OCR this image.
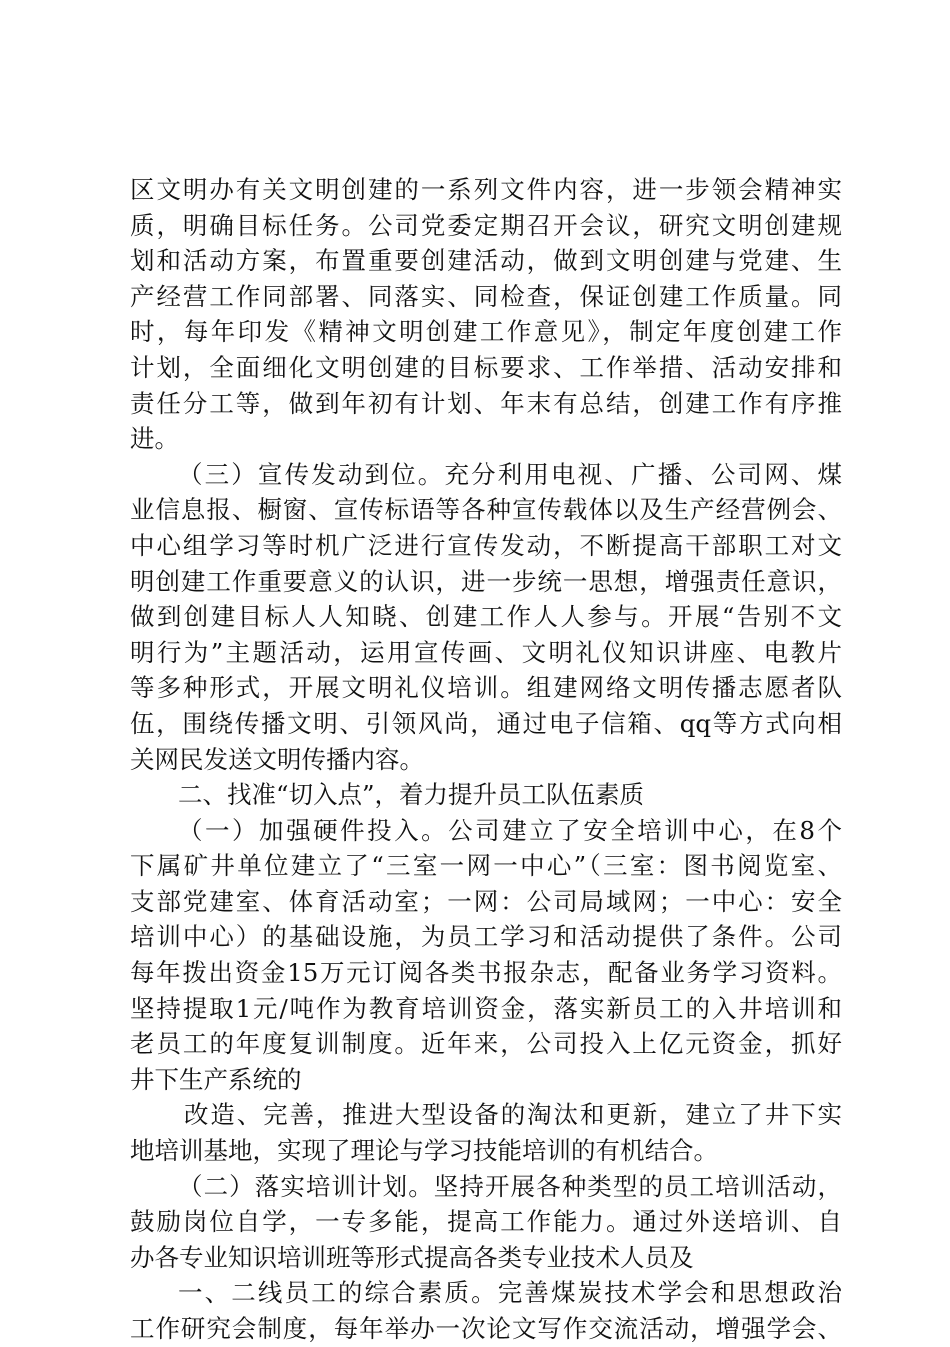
区文明办有关文明创建的一系列文件内容，进一步领会精神实
质，明确目标任务。公司党委定期召开会议，研究文明创建规
划和活动方案，布置重要创建活动，做到文明创建与党建、生
产经营工作同部署、同落实、同检查，保证创建工作质量。同
时，每年印发《精神文明创建工作意见》，制定年度创建工作
计划，全面细化文明创建的目标要求、工作举措、活动安排和
责任分工等，做到年初有计划、年末有总结，创建工作有序推
进。
（三）宣传发动到位。充分利用电视、广播、公司网、煤
业信息报、橱窗、宣传标语等各种宣传载体以及生产经营例会、
中心组学习等时机广泛进行宣传发动，不断提高干部职工对文
明创建工作重要意义的认识，进一步统一思想，增强责任意识，
做到创建目标人人知晓、创建工作人人参与。开展“告别不文
明行为”主题活动，运用宣传画、文明礼仪知识讲座、电教片
等多种形式，开展文明礼仪培训。组建网络文明传播志愿者队
伍，围绕传播文明、引领风尚，通过电子信箱、qq等方式向相
关网民发送文明传播内容。
二、找准“切入点”，着力提升员工队伍素质
（一）加强硬件投入。公司建立了安全培训中心，在8个
下属矿井单位建立了“三室一网一中心”（三室：图书阅览室、
支部党建室、体育活动室；一网：公司局域网；一中心：安全
培训中心）的基础设施，为员工学习和活动提供了条件。公司
每年拨出资金15万元订阅各类书报杂志，配备业务学习资料。
坚持提取1元/吨作为教育培训资金，落实新员工的入井培训和
老员工的年度复训制度。近年来，公司投入上亿元资金，抓好
井下生产系统的
改造、完善，推进大型设备的淘汰和更新，建立了井下实
地培训基地，实现了理论与学习技能培训的有机结合。
（二）落实培训计划。坚持开展各种类型的员工培训活动，
鼓励岗位自学，一专多能，提高工作能力。通过外送培训、自
办各专业知识培训班等形式提高各类专业技术人员及
一、二线员工的综合素质。完善煤炭技术学会和思想政治
工作研究会制度，每年举办一次论文写作交流活动，增强学会、
